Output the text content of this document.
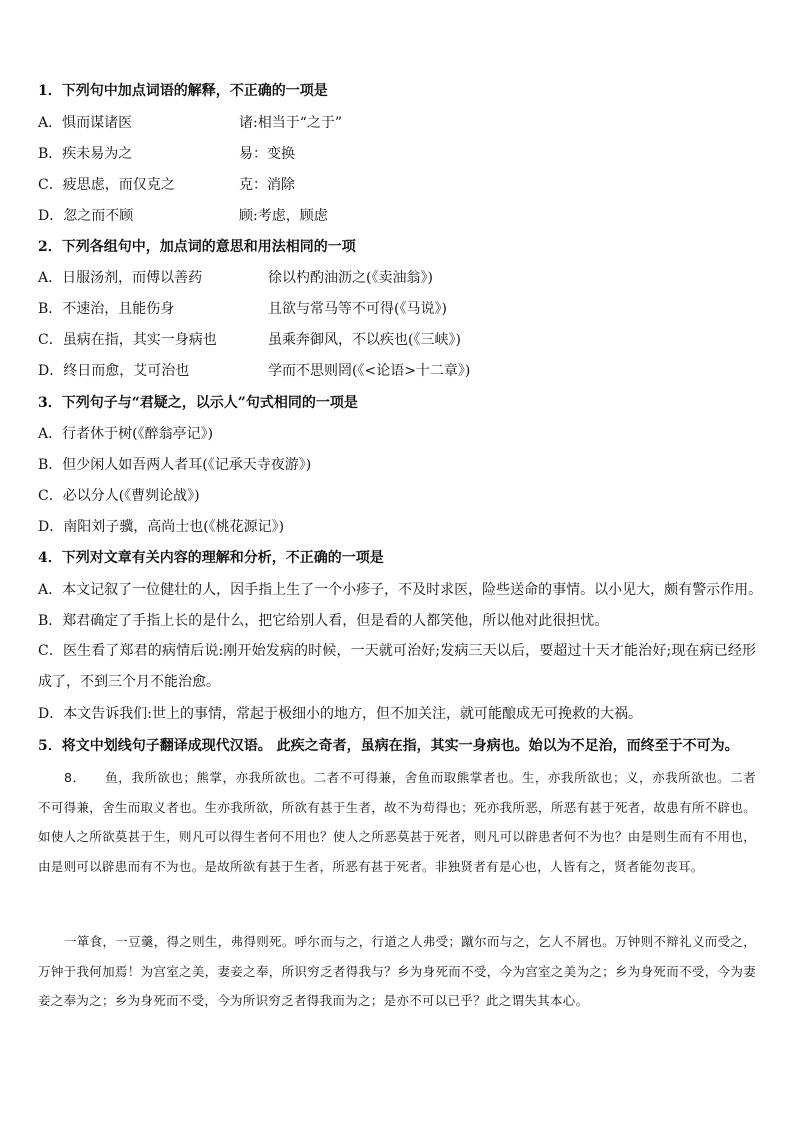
1．下列句中加点词语的解释，不正确的一项是
A．惧而谋诸医	诸:相当于“之于”
B．疾未易为之	易：变换
C．疲思虑，而仅克之	克：消除
D．忽之而不顾	顾:考虑，顾虑
2．下列各组句中，加点词的意思和用法相同的一项
A．日服汤剂，而傅以善药	徐以杓酌油沥之(《卖油翁》)
B．不速治，且能伤身	且欲与常马等不可得(《马说》)
C．虽病在指，其实一身病也	虽乘奔御风，不以疾也(《三峡》)
D．终日而愈，艾可治也	学而不思则罔(《<论语>十二章》)
3．下列句子与“君疑之，以示人”句式相同的一项是
A．行者休于树(《醉翁亭记》)
B．但少闲人如吾两人者耳(《记承天寺夜游》)
C．必以分人(《曹刿论战》)
D．南阳刘子骥，高尚士也(《桃花源记》)
4．下列对文章有关内容的理解和分析，不正确的一项是
A．本文记叙了一位健壮的人，因手指上生了一个小疹子，不及时求医，险些送命的事情。以小见大，颇有警示作用。
B．郑君确定了手指上长的是什么，把它给别人看，但是看的人都笑他，所以他对此很担忧。
C．医生看了郑君的病情后说:刚开始发病的时候，一天就可治好;发病三天以后，要超过十天才能治好;现在病已经形成了，不到三个月不能治愈。
D．本文告诉我们:世上的事情，常起于极细小的地方，但不加关注，就可能酿成无可挽救的大祸。
5．将文中划线句子翻译成现代汉语。 此疾之奇者，虽病在指，其实一身病也。始以为不足治，而终至于不可为。
8．　　鱼，我所欲也；熊掌，亦我所欲也。二者不可得兼，舍鱼而取熊掌者也。生，亦我所欲也；义，亦我所欲也。二者不可得兼，舍生而取义者也。生亦我所欲，所欲有甚于生者，故不为苟得也；死亦我所恶，所恶有甚于死者，故患有所不辟也。如使人之所欲莫甚于生，则凡可以得生者何不用也？使人之所恶莫甚于死者，则凡可以辟患者何不为也？由是则生而有不用也，由是则可以辟患而有不为也。是故所欲有甚于生者，所恶有甚于死者。非独贤者有是心也，人皆有之，贤者能勿丧耳。
一箪食，一豆羹，得之则生，弗得则死。呼尔而与之，行道之人弗受；蹴尔而与之，乞人不屑也。万钟则不辩礼义而受之，万钟于我何加焉！为宫室之美，妻妾之奉，所识穷乏者得我与？乡为身死而不受，今为宫室之美为之；乡为身死而不受，今为妻妾之奉为之；乡为身死而不受，今为所识穷乏者得我而为之；是亦不可以已乎？此之谓失其本心。
